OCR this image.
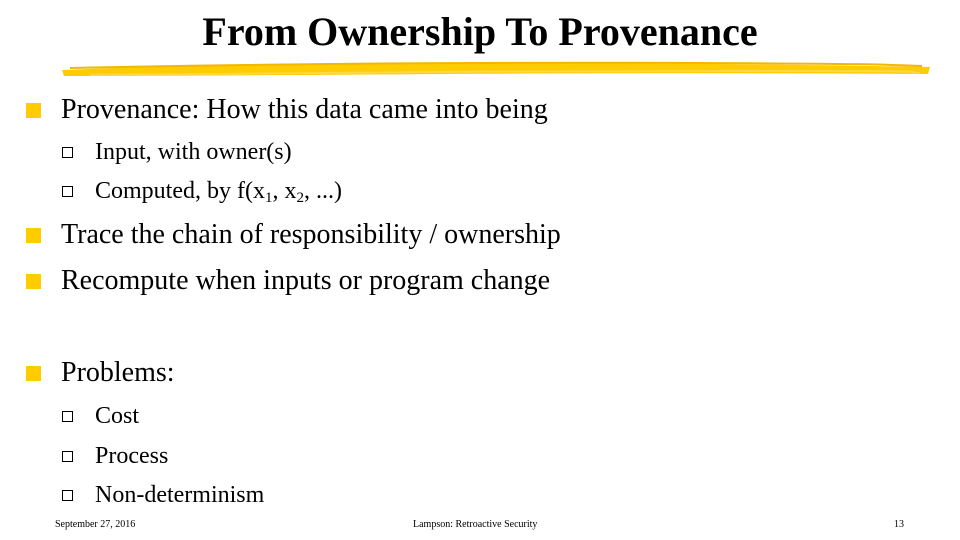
From Ownership To Provenance
Provenance: How this data came into being
Input, with owner(s)
Computed, by $f(x_1$, $x_2$, ...)
Trace the chain of responsibility / ownership
Recompute when inputs or program change
Problems:
Cost
Process
Non-determinism
September 27, 2016	Lampson: Retroactive Security	13
